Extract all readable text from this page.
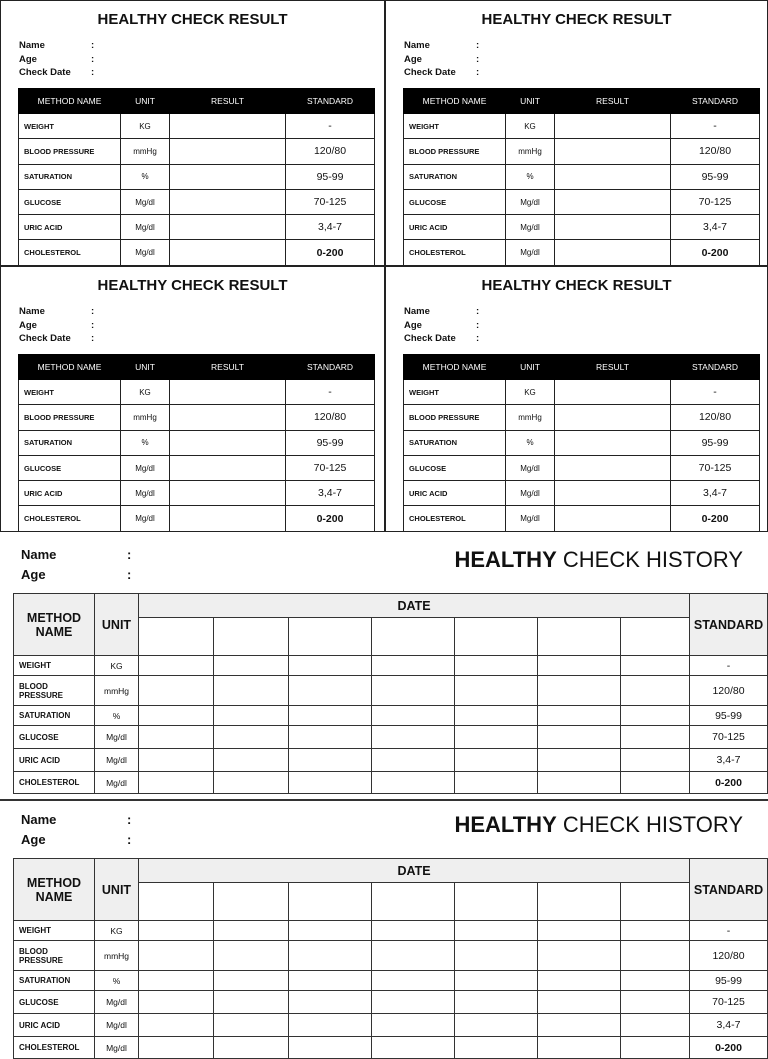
HEALTHY CHECK RESULT
Name	:
Age	:
Check Date	:
METHOD NAME	UNIT	RESULT	STANDARD
WEIGHT	KG		-
BLOOD PRESSURE	mmHg		120/80
SATURATION	%		95-99
GLUCOSE	Mg/dl		70-125
URIC ACID	Mg/dl		3,4-7
CHOLESTEROL	Mg/dl		0-200
HEALTHY CHECK RESULT
Name	:
Age	:
Check Date	:
METHOD NAME	UNIT	RESULT	STANDARD
WEIGHT	KG		-
BLOOD PRESSURE	mmHg		120/80
SATURATION	%		95-99
GLUCOSE	Mg/dl		70-125
URIC ACID	Mg/dl		3,4-7
CHOLESTEROL	Mg/dl		0-200
HEALTHY CHECK RESULT
Name	:
Age	:
Check Date	:
METHOD NAME	UNIT	RESULT	STANDARD
WEIGHT	KG		-
BLOOD PRESSURE	mmHg		120/80
SATURATION	%		95-99
GLUCOSE	Mg/dl		70-125
URIC ACID	Mg/dl		3,4-7
CHOLESTEROL	Mg/dl		0-200
HEALTHY CHECK RESULT
Name	:
Age	:
Check Date	:
METHOD NAME	UNIT	RESULT	STANDARD
WEIGHT	KG		-
BLOOD PRESSURE	mmHg		120/80
SATURATION	%		95-99
GLUCOSE	Mg/dl		70-125
URIC ACID	Mg/dl		3,4-7
CHOLESTEROL	Mg/dl		0-200
Name	:
Age	:
HEALTHY CHECK HISTORY
METHOD NAME	UNIT	DATE							STANDARD

WEIGHT	KG								-
BLOOD PRESSURE	mmHg								120/80
SATURATION	%								95-99
GLUCOSE	Mg/dl								70-125
URIC ACID	Mg/dl								3,4-7
CHOLESTEROL	Mg/dl								0-200
Name	:
Age	:
HEALTHY CHECK HISTORY
METHOD NAME	UNIT	DATE							STANDARD

WEIGHT	KG								-
BLOOD PRESSURE	mmHg								120/80
SATURATION	%								95-99
GLUCOSE	Mg/dl								70-125
URIC ACID	Mg/dl								3,4-7
CHOLESTEROL	Mg/dl								0-200
